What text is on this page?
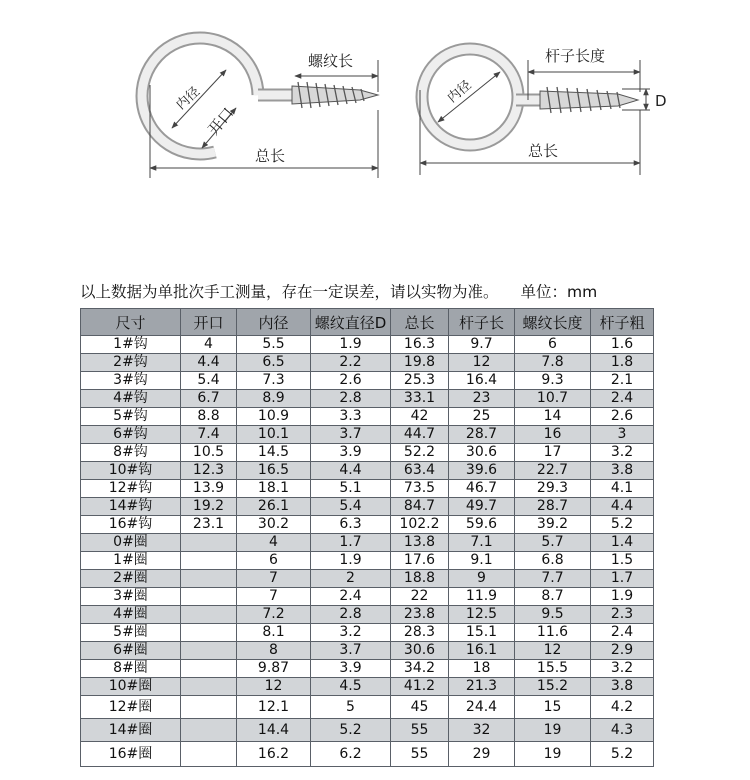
螺纹长
总长
内径
开口
杆子长度
D
总长
内径
以上数据为单批次手工测量，存在一定误差，请以实物为准。 单位：mm
尺寸	开口	内径	螺纹直径D	总长	杆子长	螺纹长度	杆子粗
1#钩	4	5.5	1.9	16.3	9.7	6	1.6
2#钩	4.4	6.5	2.2	19.8	12	7.8	1.8
3#钩	5.4	7.3	2.6	25.3	16.4	9.3	2.1
4#钩	6.7	8.9	2.8	33.1	23	10.7	2.4
5#钩	8.8	10.9	3.3	42	25	14	2.6
6#钩	7.4	10.1	3.7	44.7	28.7	16	3
8#钩	10.5	14.5	3.9	52.2	30.6	17	3.2
10#钩	12.3	16.5	4.4	63.4	39.6	22.7	3.8
12#钩	13.9	18.1	5.1	73.5	46.7	29.3	4.1
14#钩	19.2	26.1	5.4	84.7	49.7	28.7	4.4
16#钩	23.1	30.2	6.3	102.2	59.6	39.2	5.2
0#圈		4	1.7	13.8	7.1	5.7	1.4
1#圈		6	1.9	17.6	9.1	6.8	1.5
2#圈		7	2	18.8	9	7.7	1.7
3#圈		7	2.4	22	11.9	8.7	1.9
4#圈		7.2	2.8	23.8	12.5	9.5	2.3
5#圈		8.1	3.2	28.3	15.1	11.6	2.4
6#圈		8	3.7	30.6	16.1	12	2.9
8#圈		9.87	3.9	34.2	18	15.5	3.2
10#圈		12	4.5	41.2	21.3	15.2	3.8
12#圈		12.1	5	45	24.4	15	4.2
14#圈		14.4	5.2	55	32	19	4.3
16#圈		16.2	6.2	55	29	19	5.2
